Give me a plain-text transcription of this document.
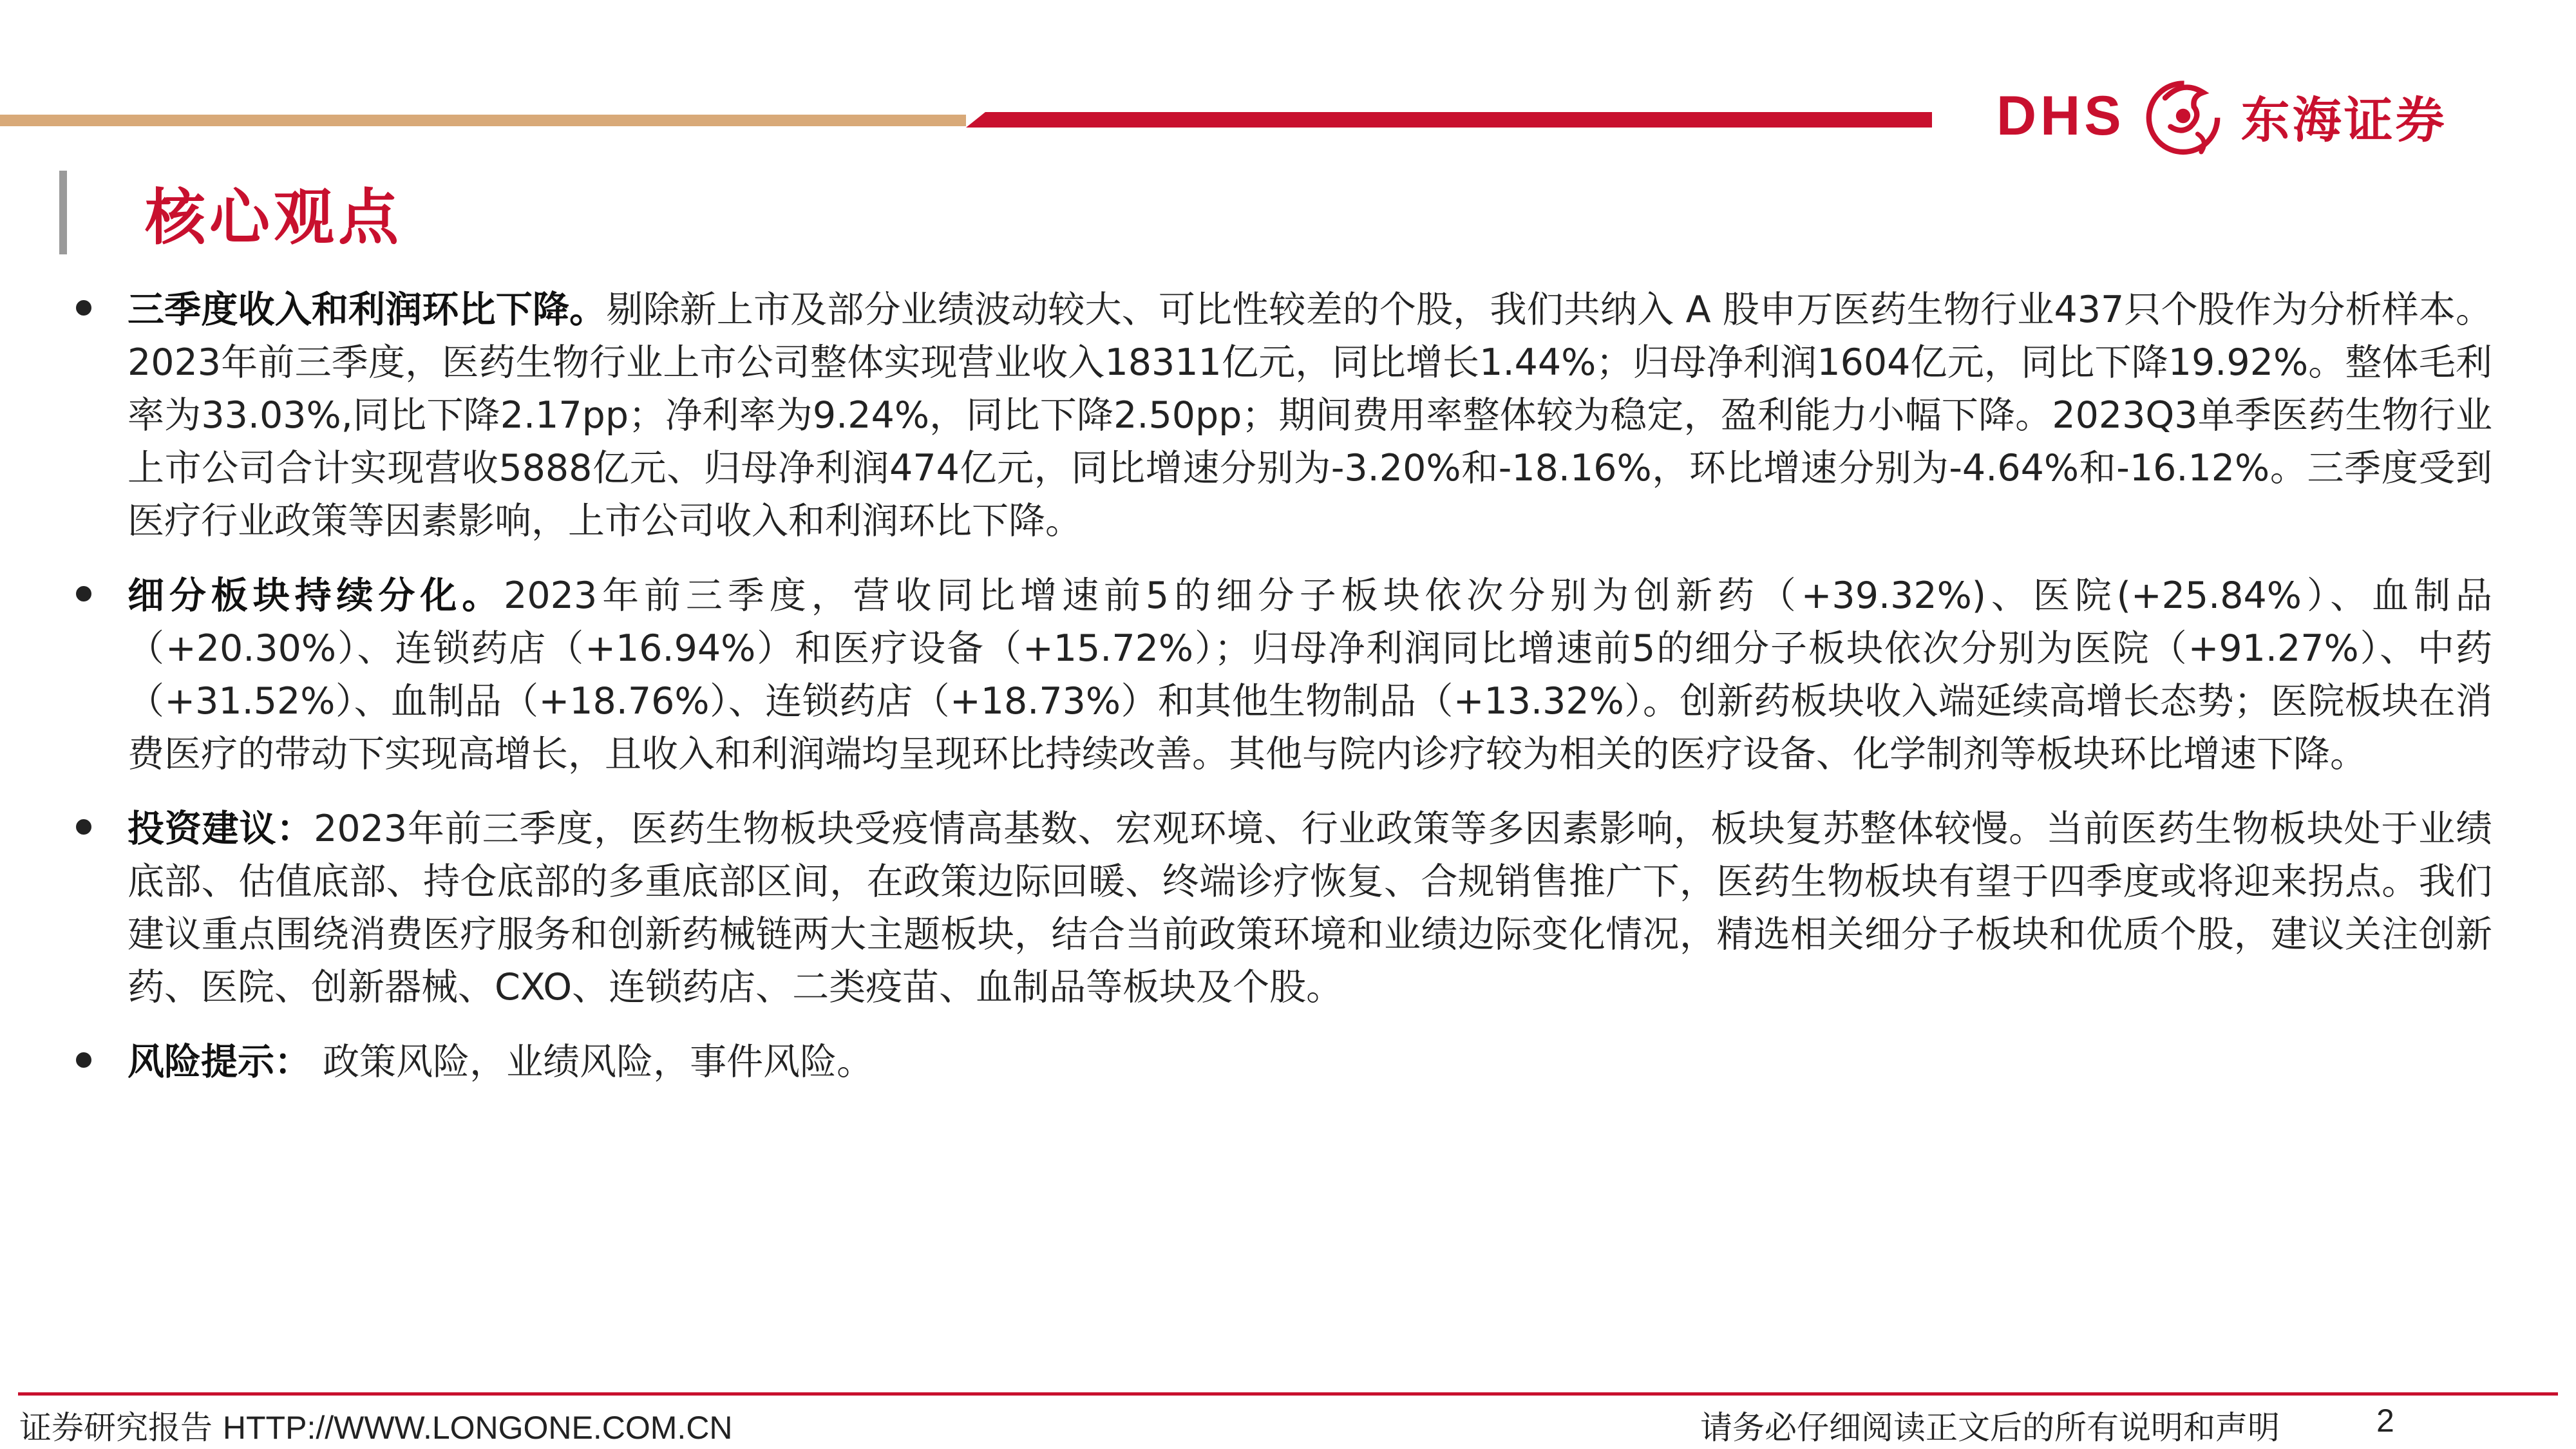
DHS 东海证券
核心观点
三季度收入和利润环比下降。剔除新上市及部分业绩波动较大、可比性较差的个股，我们共纳入 A 股申万医药生物行业437只个股作为分析样本。2023年前三季度，医药生物行业上市公司整体实现营业收入18311亿元，同比增长1.44%；归母净利润1604亿元，同比下降19.92%。整体毛利率为33.03%,同比下降2.17pp；净利率为9.24%，同比下降2.50pp；期间费用率整体较为稳定，盈利能力小幅下降。2023Q3单季医药生物行业上市公司合计实现营收5888亿元、归母净利润474亿元，同比增速分别为-3.20%和-18.16%，环比增速分别为-4.64%和-16.12%。三季度受到医疗行业政策等因素影响，上市公司收入和利润环比下降。
细分板块持续分化。2023年前三季度，营收同比增速前5的细分子板块依次分别为创新药（+39.32%)、医院(+25.84%）、血制品（+20.30%）、连锁药店（+16.94%）和医疗设备（+15.72%）；归母净利润同比增速前5的细分子板块依次分别为医院（+91.27%）、中药（+31.52%）、血制品（+18.76%）、连锁药店（+18.73%）和其他生物制品（+13.32%）。创新药板块收入端延续高增长态势；医院板块在消费医疗的带动下实现高增长，且收入和利润端均呈现环比持续改善。其他与院内诊疗较为相关的医疗设备、化学制剂等板块环比增速下降。
投资建议：2023年前三季度，医药生物板块受疫情高基数、宏观环境、行业政策等多因素影响，板块复苏整体较慢。当前医药生物板块处于业绩底部、估值底部、持仓底部的多重底部区间，在政策边际回暖、终端诊疗恢复、合规销售推广下，医药生物板块有望于四季度或将迎来拐点。我们建议重点围绕消费医疗服务和创新药械链两大主题板块，结合当前政策环境和业绩边际变化情况，精选相关细分子板块和优质个股，建议关注创新药、医院、创新器械、CXO、连锁药店、二类疫苗、血制品等板块及个股。
风险提示： 政策风险，业绩风险，事件风险。
证券研究报告 HTTP://WWW.LONGONE.COM.CN	请务必仔细阅读正文后的所有说明和声明	2
